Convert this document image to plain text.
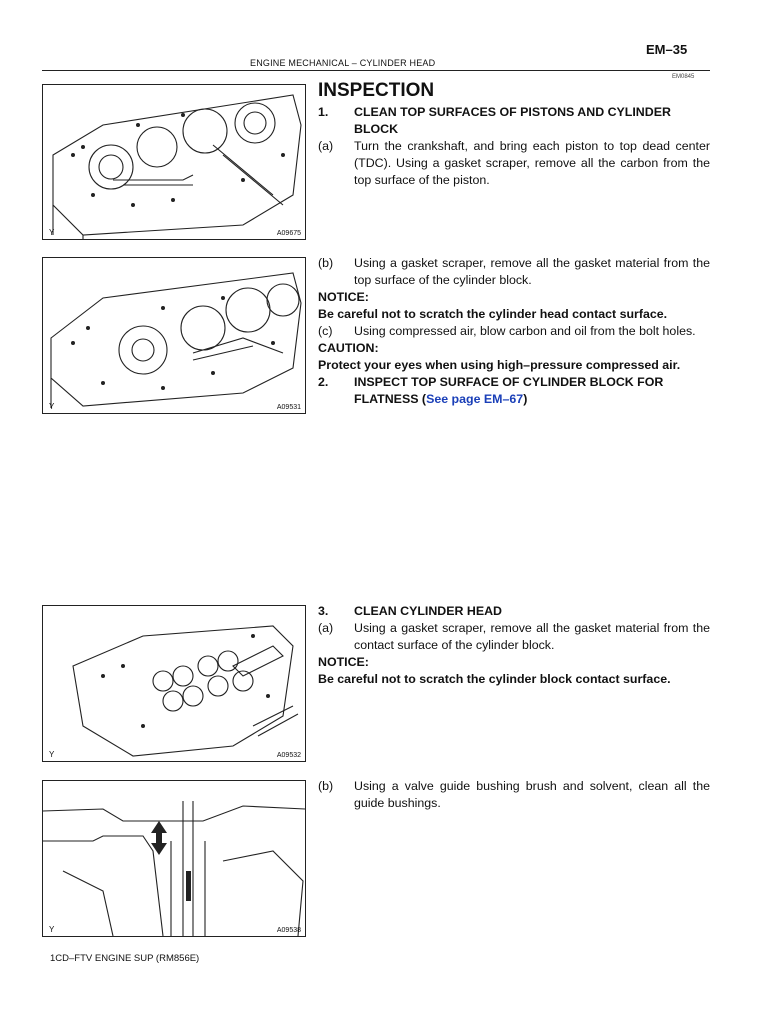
EM–35
ENGINE MECHANICAL – CYLINDER HEAD
EM0845
Y	A09675
Y	A09531
Y	A09532
Y	A09538
INSPECTION
1.	CLEAN TOP SURFACES OF PISTONS AND CYLINDER BLOCK
(a)	Turn the crankshaft, and bring each piston to top dead center (TDC). Using a gasket scraper, remove all the carbon from the top surface of the piston.
(b)	Using a gasket scraper, remove all the gasket material from the top surface of the cylinder block.
NOTICE:
Be careful not to scratch the cylinder head contact surface.
(c)	Using compressed air, blow carbon and oil from the bolt holes.
CAUTION:
Protect your eyes when using high–pressure compressed air.
2.	INSPECT TOP SURFACE OF CYLINDER BLOCK FOR FLATNESS (See page EM–67)
3.	CLEAN CYLINDER HEAD
(a)	Using a gasket scraper, remove all the gasket material from the contact surface of the cylinder block.
NOTICE:
Be careful not to scratch the cylinder block contact surface.
(b)	Using a valve guide bushing brush and solvent, clean all the guide bushings.
1CD–FTV ENGINE SUP (RM856E)
